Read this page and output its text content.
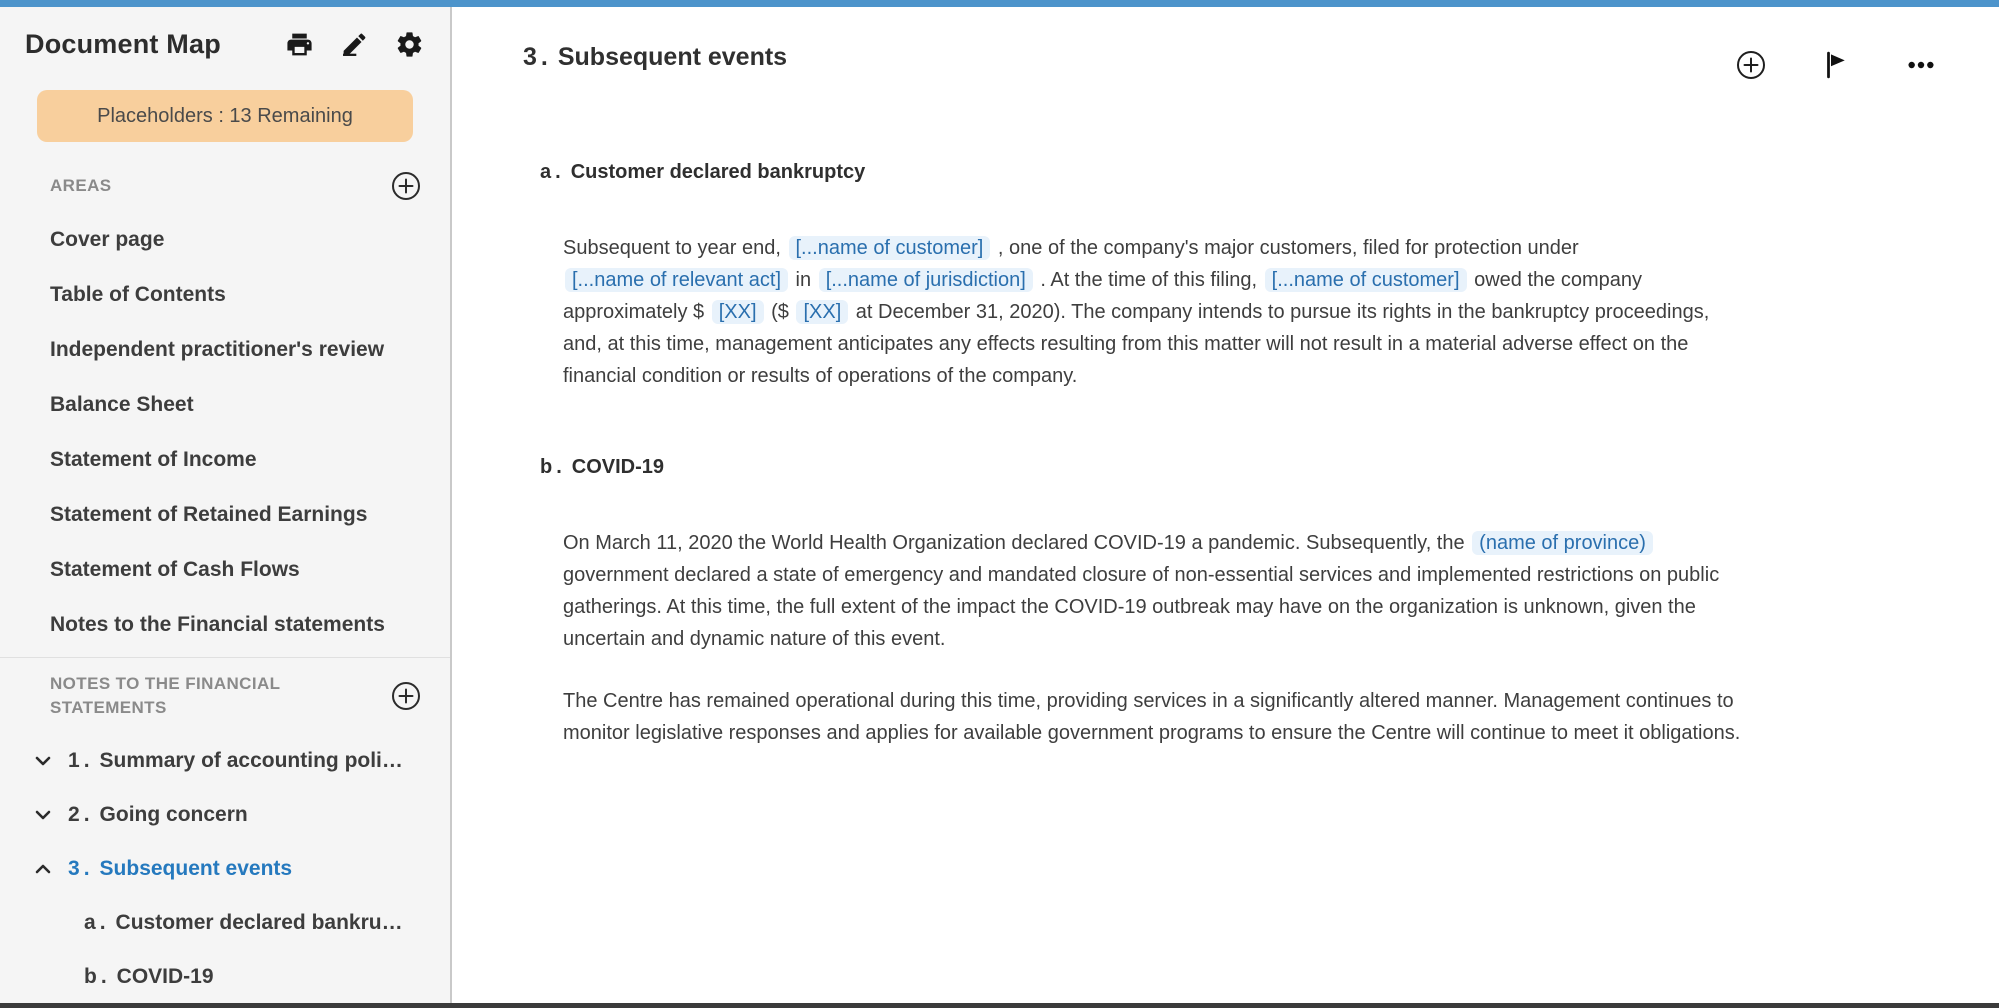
Document Map
Placeholders : 13 Remaining
AREAS
Cover page
Table of Contents
Independent practitioner's review
Balance Sheet
Statement of Income
Statement of Retained Earnings
Statement of Cash Flows
Notes to the Financial statements
NOTES TO THE FINANCIAL STATEMENTS
1 . Summary of accounting poli…
2 . Going concern
3 . Subsequent events
a . Customer declared bankru…
b . COVID-19
3 . Subsequent events
a . Customer declared bankruptcy

Subsequent to year end, [...name of customer] , one of the company's major customers, filed for protection under [...name of relevant act] in [...name of jurisdiction] . At the time of this filing, [...name of customer] owed the company approximately $ [XX] ($ [XX] at December 31, 2020). The company intends to pursue its rights in the bankruptcy proceedings, and, at this time, management anticipates any effects resulting from this matter will not result in a material adverse effect on the financial condition or results of operations of the company.

b . COVID-19

On March 11, 2020 the World Health Organization declared COVID-19 a pandemic. Subsequently, the (name of province) government declared a state of emergency and mandated closure of non-essential services and implemented restrictions on public gatherings. At this time, the full extent of the impact the COVID-19 outbreak may have on the organization is unknown, given the uncertain and dynamic nature of this event.

The Centre has remained operational during this time, providing services in a significantly altered manner. Management continues to monitor legislative responses and applies for available government programs to ensure the Centre will continue to meet it obligations.
